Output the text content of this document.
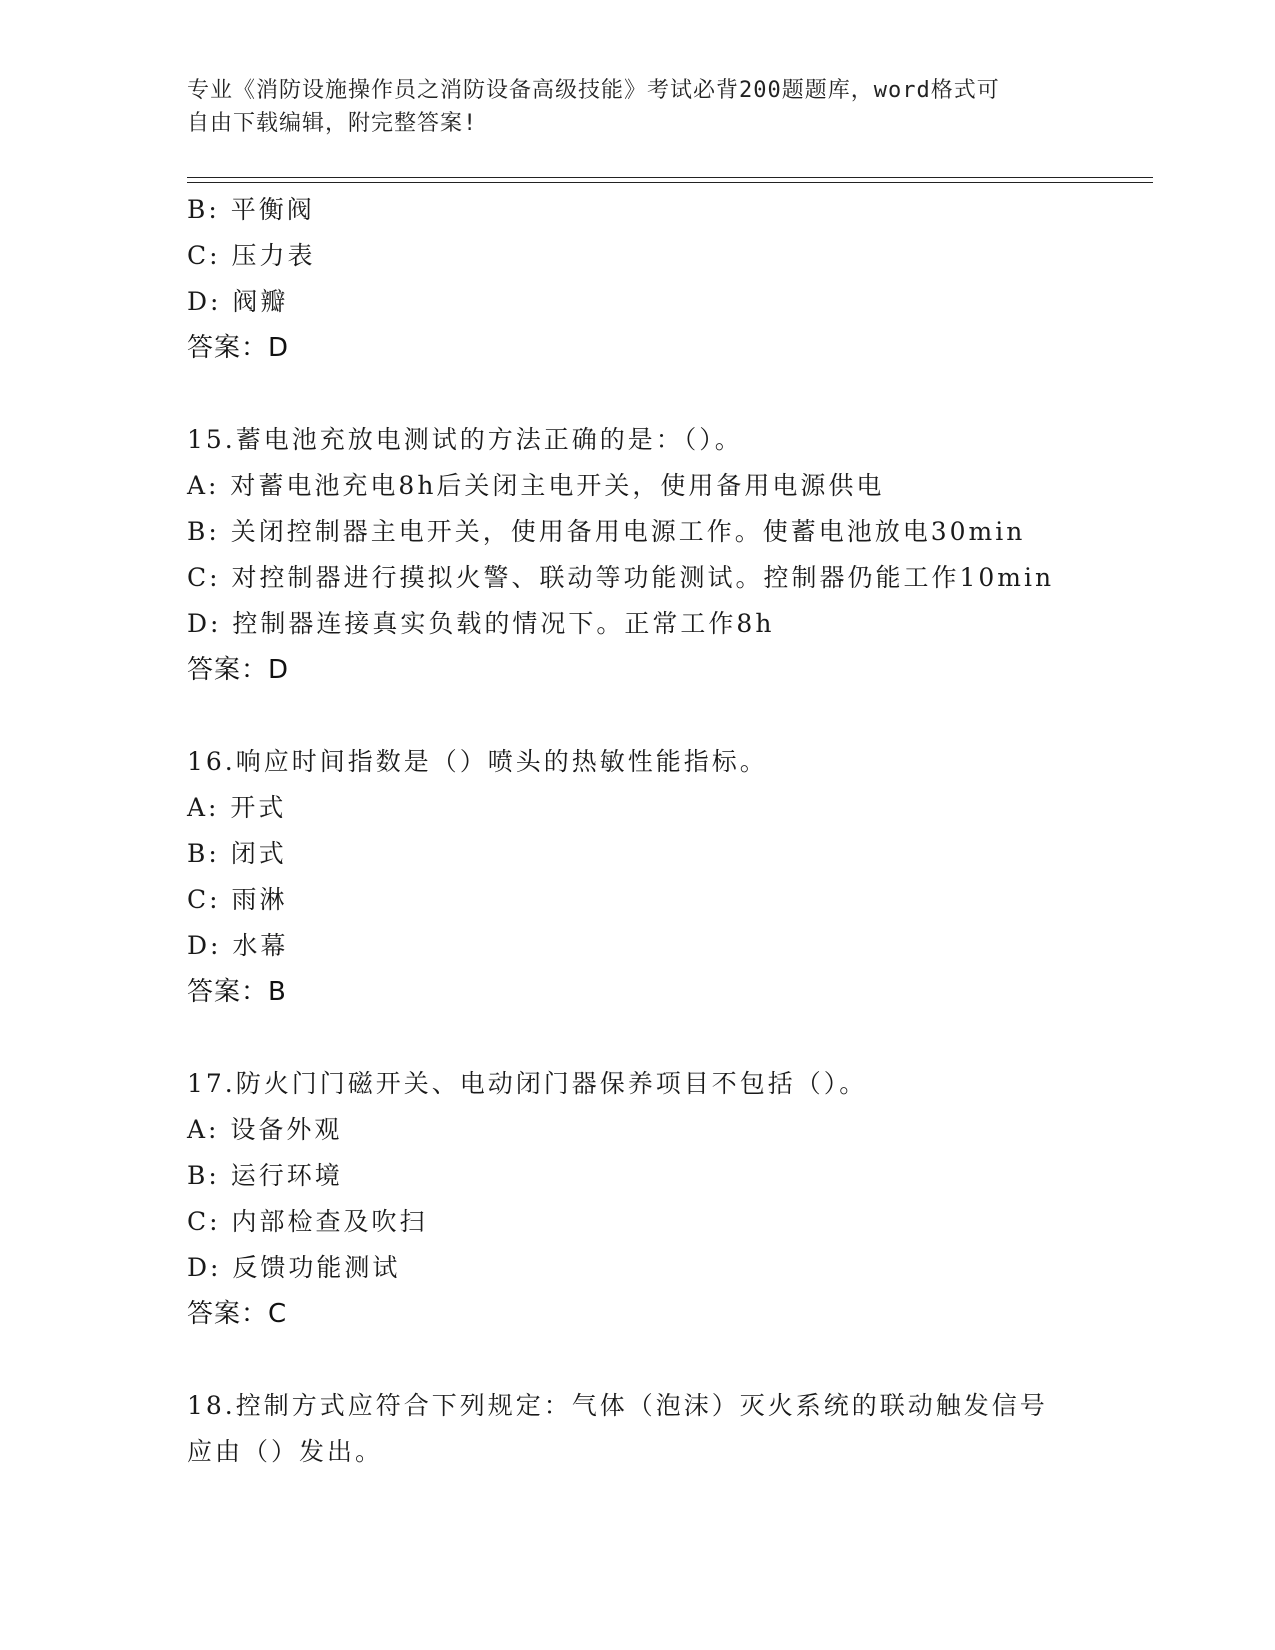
专业《消防设施操作员之消防设备高级技能》考试必背200题题库，word格式可
自由下载编辑，附完整答案!
B: 平衡阀
C: 压力表
D: 阀瓣
答案：D
15.蓄电池充放电测试的方法正确的是：（）。
A: 对蓄电池充电8h后关闭主电开关，使用备用电源供电
B: 关闭控制器主电开关，使用备用电源工作。使蓄电池放电30min
C: 对控制器进行摸拟火警、联动等功能测试。控制器仍能工作10min
D: 控制器连接真实负载的情况下。正常工作8h
答案：D
16.响应时间指数是（）喷头的热敏性能指标。
A: 开式
B: 闭式
C: 雨淋
D: 水幕
答案：B
17.防火门门磁开关、电动闭门器保养项目不包括（）。
A: 设备外观
B: 运行环境
C: 内部检查及吹扫
D: 反馈功能测试
答案：C
18.控制方式应符合下列规定：气体（泡沫）灭火系统的联动触发信号
应由（）发出。
